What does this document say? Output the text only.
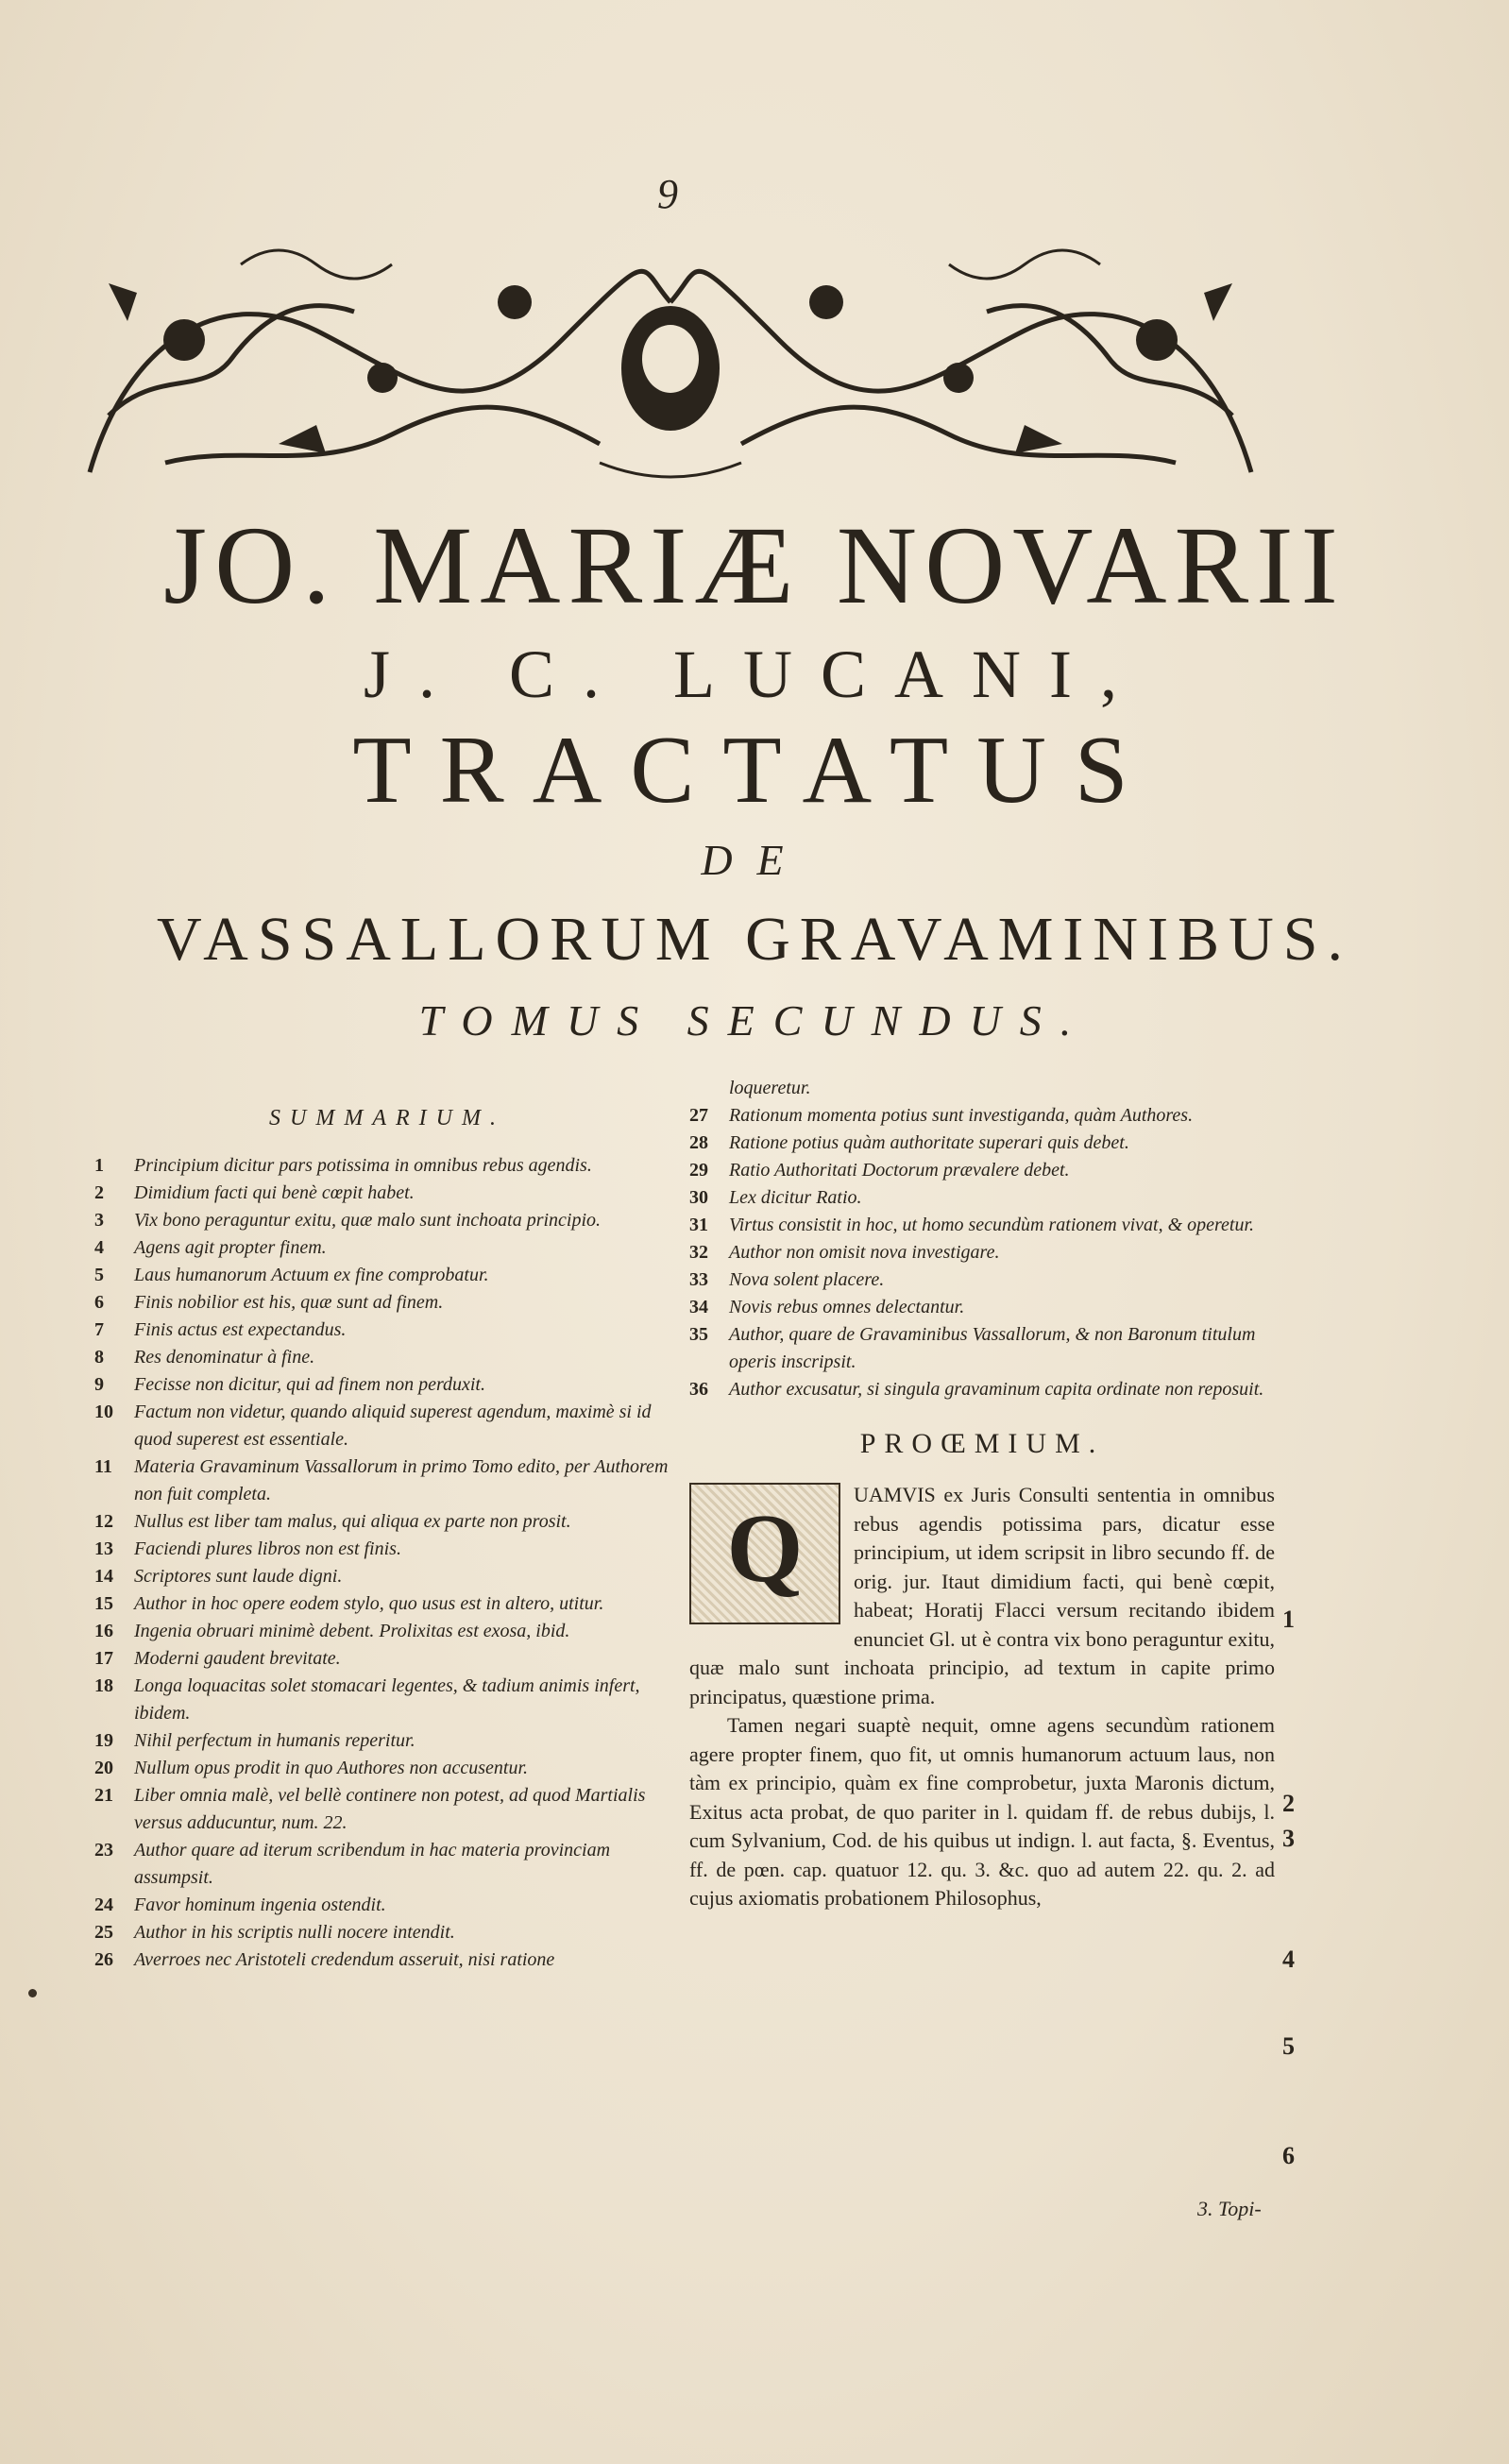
9
JO. MARIÆ NOVARII
J. C. LUCANI,
TRACTATUS
DE
VASSALLORUM GRAVAMINIBUS.
TOMUS SECUNDUS.
SUMMARIUM.
1 Principium dicitur pars potissima in omnibus rebus agendis.
2 Dimidium facti qui benè cœpit habet.
3 Vix bono peraguntur exitu, quæ malo sunt inchoata principio.
4 Agens agit propter finem.
5 Laus humanorum Actuum ex fine comprobatur.
6 Finis nobilior est his, quæ sunt ad finem.
7 Finis actus est expectandus.
8 Res denominatur à fine.
9 Fecisse non dicitur, qui ad finem non perduxit.
10 Factum non videtur, quando aliquid superest agendum, maximè si id quod superest est essentiale.
11 Materia Gravaminum Vassallorum in primo Tomo edito, per Authorem non fuit completa.
12 Nullus est liber tam malus, qui aliqua ex parte non prosit.
13 Faciendi plures libros non est finis.
14 Scriptores sunt laude digni.
15 Author in hoc opere eodem stylo, quo usus est in altero, utitur.
16 Ingenia obruari minimè debent. Prolixitas est exosa, ibid.
17 Moderni gaudent brevitate.
18 Longa loquacitas solet stomacari legentes, & tadium animis infert, ibidem.
19 Nihil perfectum in humanis reperitur.
20 Nullum opus prodit in quo Authores non accusentur.
21 Liber omnia malè, vel bellè continere non potest, ad quod Martialis versus adducuntur, num. 22.
23 Author quare ad iterum scribendum in hac materia provinciam assumpsit.
24 Favor hominum ingenia ostendit.
25 Author in his scriptis nulli nocere intendit.
26 Averroes nec Aristoteli credendum asseruit, nisi ratione
loqueretur.
27 Rationum momenta potius sunt investiganda, quàm Authores.
28 Ratione potius quàm authoritate superari quis debet.
29 Ratio Authoritati Doctorum prævalere debet.
30 Lex dicitur Ratio.
31 Virtus consistit in hoc, ut homo secundùm rationem vivat, & operetur.
32 Author non omisit nova investigare.
33 Nova solent placere.
34 Novis rebus omnes delectantur.
35 Author, quare de Gravaminibus Vassallorum, & non Baronum titulum operis inscripsit.
36 Author excusatur, si singula gravaminum capita ordinate non reposuit.
PROŒMIUM.
Q	UAMVIS ex Juris Consulti sententia in omnibus rebus agendis potissima pars, dicatur esse principium, ut idem scripsit in libro secundo ff. de orig. jur. Itaut dimidium facti, qui benè cœpit, habeat; Horatij Flacci versum recitando ibidem enunciet Gl. ut è contra vix bono peraguntur exitu, quæ malo sunt inchoata principio, ad textum in capite primo principatus, quæstione prima.
Tamen negari suaptè nequit, omne agens secundùm rationem agere propter finem, quo fit, ut omnis humanorum actuum laus, non tàm ex principio, quàm ex fine comprobetur, juxta Maronis dictum, Exitus acta probat, de quo pariter in l. quidam ff. de rebus dubijs, l. cum Sylvanium, Cod. de his quibus ut indign. l. aut facta, §. Eventus, ff. de pœn. cap. quatuor 12. qu. 3. &c. quo ad autem 22. qu. 2. ad cujus axiomatis probationem Philosophus,
1
2
3
4
5
6
3. Topi-
